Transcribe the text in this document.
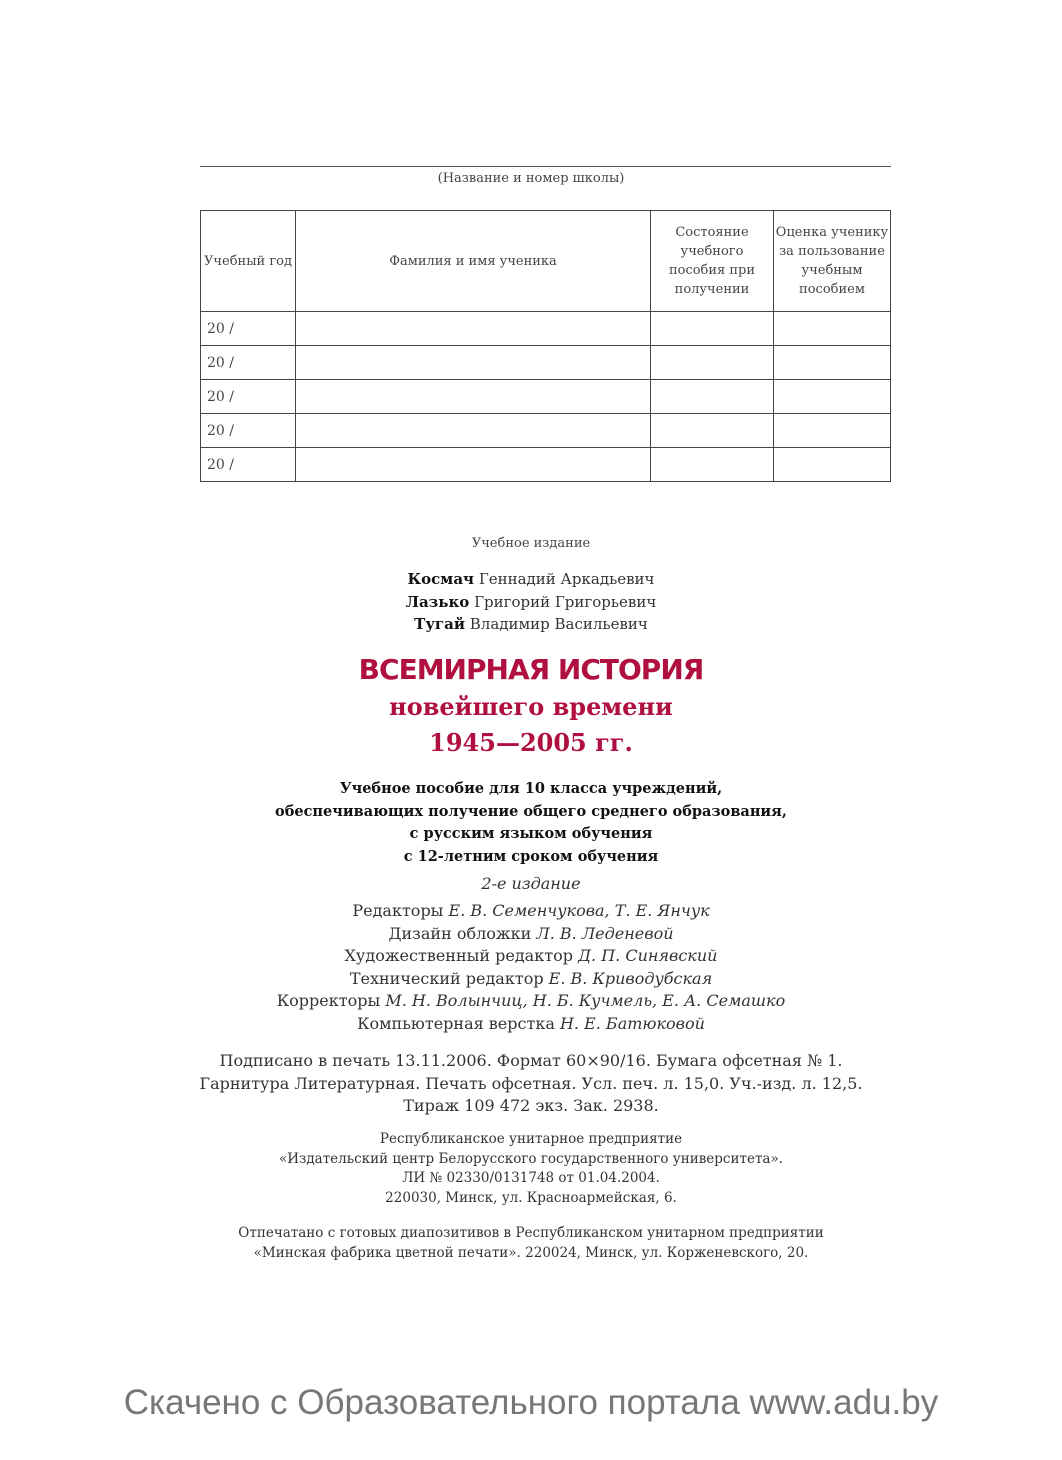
(Название и номер школы)
Учебный год	Фамилия и имя ученика	Состояние учебного пособия при получении	Оценка ученику за пользование учебным пособием
20 /			
20 /			
20 /			
20 /			
20 /			
Учебное издание
Космач Геннадий Аркадьевич
Лазько Григорий Григорьевич
Тугай Владимир Васильевич
ВСЕМИРНАЯ ИСТОРИЯ
новейшего времени
1945—2005 гг.
Учебное пособие для 10 класса учреждений,
обеспечивающих получение общего среднего образования,
с русским языком обучения
с 12-летним сроком обучения
2-е издание
Редакторы Е. В. Семенчукова, Т. Е. Янчук
Дизайн обложки Л. В. Леденевой
Художественный редактор Д. П. Синявский
Технический редактор Е. В. Криводубская
Корректоры М. Н. Волынчиц, Н. Б. Кучмель, Е. А. Семашко
Компьютерная верстка Н. Е. Батюковой
Подписано в печать 13.11.2006. Формат 60×90/16. Бумага офсетная № 1.
Гарнитура Литературная. Печать офсетная. Усл. печ. л. 15,0. Уч.-изд. л. 12,5.
Тираж 109 472 экз. Зак. 2938.
Республиканское унитарное предприятие
«Издательский центр Белорусского государственного университета».
ЛИ № 02330/0131748 от 01.04.2004.
220030, Минск, ул. Красноармейская, 6.
Отпечатано с готовых диапозитивов в Республиканском унитарном предприятии
«Минская фабрика цветной печати». 220024, Минск, ул. Корженевского, 20.
Скачено с Образовательного портала www.adu.by
